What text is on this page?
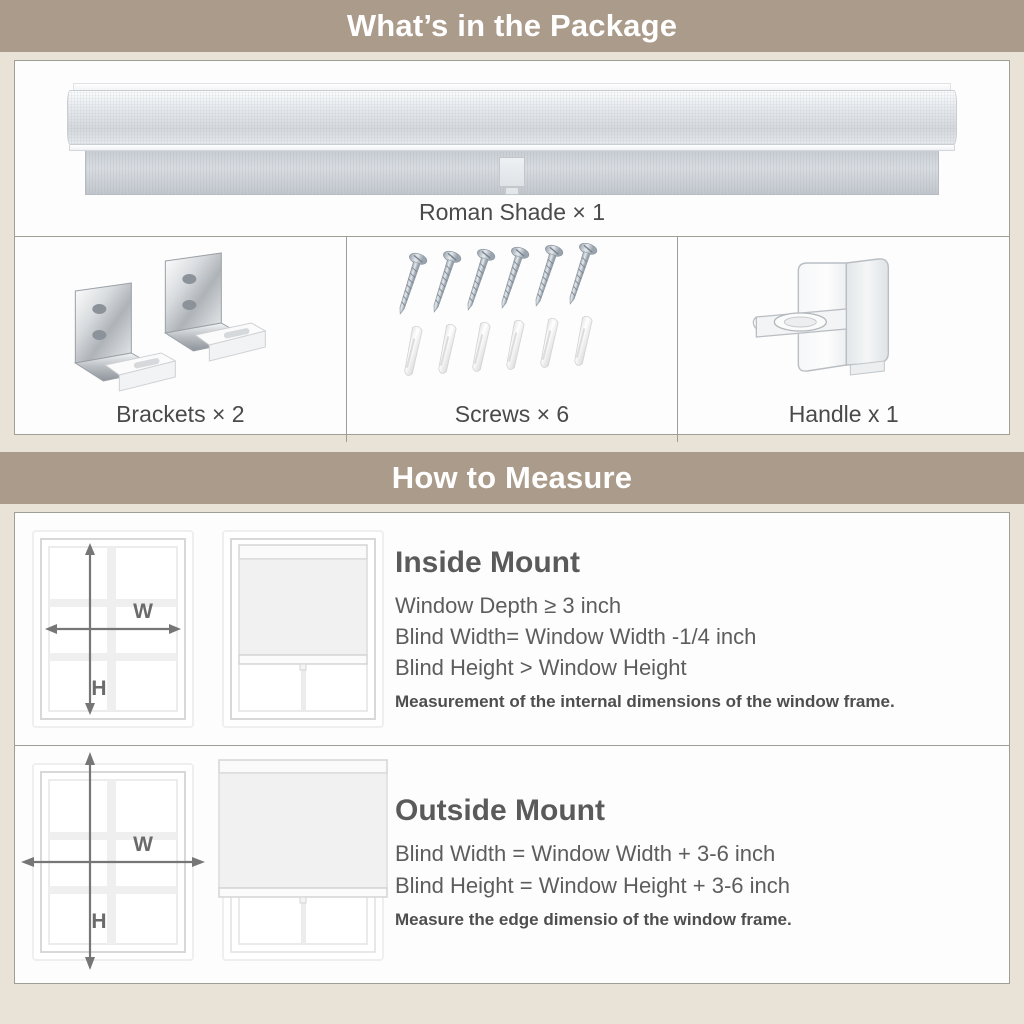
What’s in the Package
Roman Shade × 1
Brackets × 2	Screws × 6	Handle x 1
How to Measure
W
H
Inside Mount
Window Depth ≥ 3 inch
Blind Width= Window Width -1/4 inch
Blind Height > Window Height
Measurement of the internal dimensions of the window frame.
W
H
Outside Mount
Blind Width = Window Width + 3-6 inch
Blind Height = Window Height + 3-6 inch
Measure the edge dimensio of the window frame.
